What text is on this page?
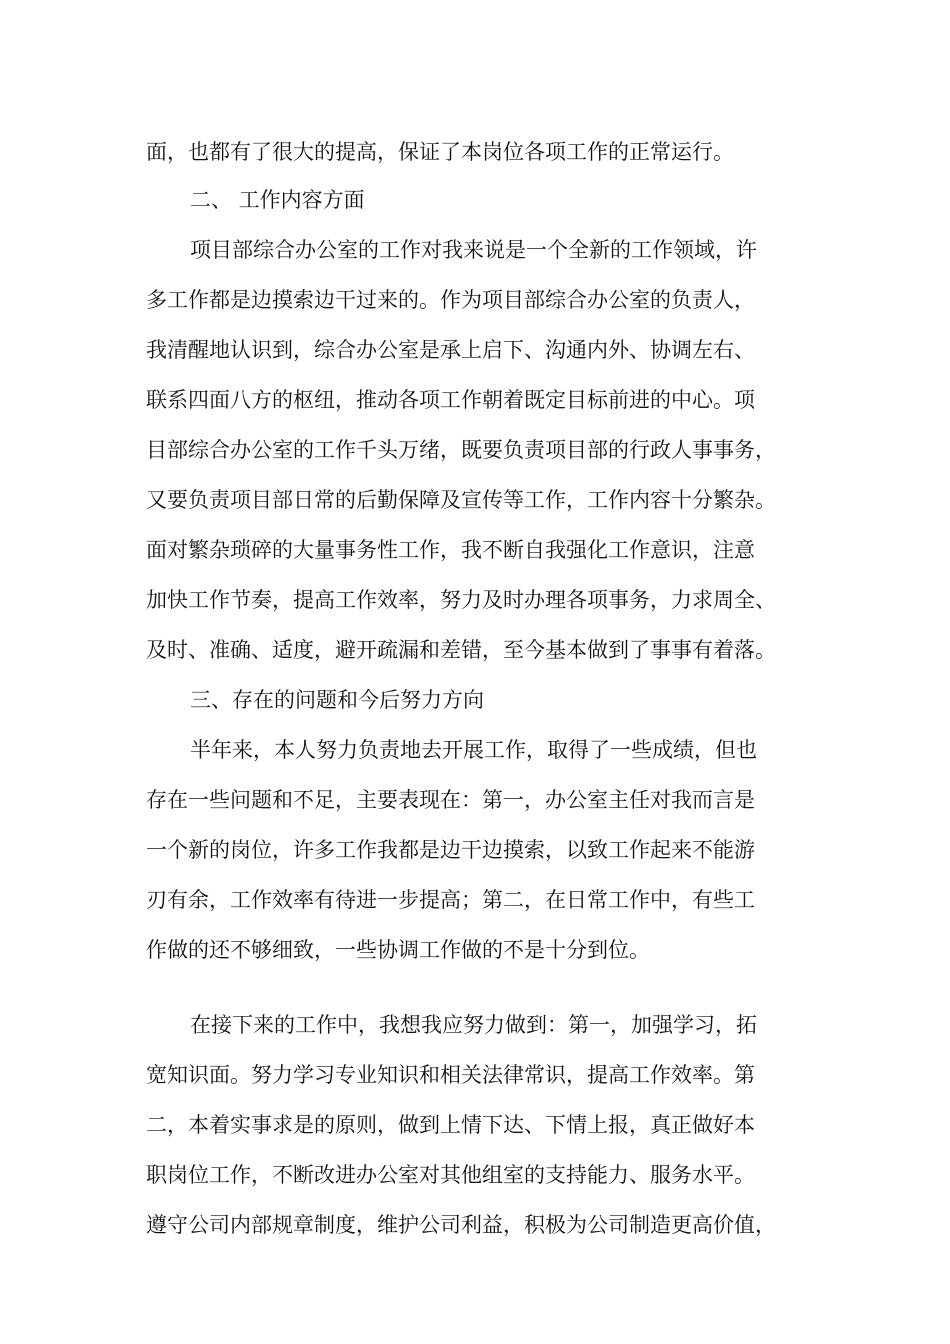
面，也都有了很大的提高，保证了本岗位各项工作的正常运行。
二、 工作内容方面
项目部综合办公室的工作对我来说是一个全新的工作领域，许
多工作都是边摸索边干过来的。作为项目部综合办公室的负责人，
我清醒地认识到，综合办公室是承上启下、沟通内外、协调左右、
联系四面八方的枢纽，推动各项工作朝着既定目标前进的中心。项
目部综合办公室的工作千头万绪，既要负责项目部的行政人事事务，
又要负责项目部日常的后勤保障及宣传等工作，工作内容十分繁杂。
面对繁杂琐碎的大量事务性工作，我不断自我强化工作意识，注意
加快工作节奏，提高工作效率，努力及时办理各项事务，力求周全、
及时、准确、适度，避开疏漏和差错，至今基本做到了事事有着落。
三、存在的问题和今后努力方向
半年来，本人努力负责地去开展工作，取得了一些成绩，但也
存在一些问题和不足，主要表现在：第一，办公室主任对我而言是
一个新的岗位，许多工作我都是边干边摸索，以致工作起来不能游
刃有余，工作效率有待进一步提高；第二，在日常工作中，有些工
作做的还不够细致，一些协调工作做的不是十分到位。
在接下来的工作中，我想我应努力做到：第一，加强学习，拓
宽知识面。努力学习专业知识和相关法律常识，提高工作效率。第
二，本着实事求是的原则，做到上情下达、下情上报，真正做好本
职岗位工作，不断改进办公室对其他组室的支持能力、服务水平。
遵守公司内部规章制度，维护公司利益，积极为公司制造更高价值，
